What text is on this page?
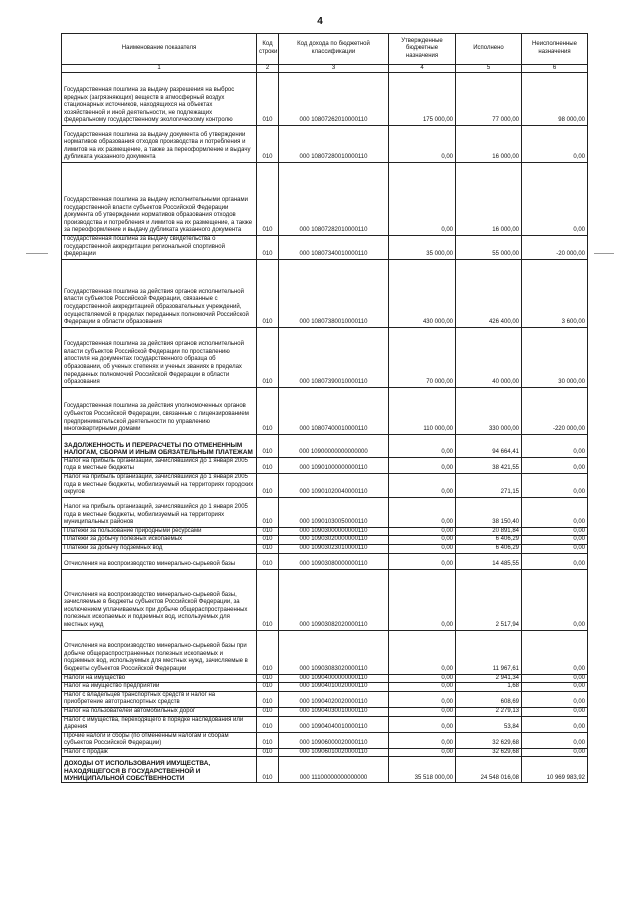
4
Наименование показателя	Код строки	Код дохода по бюджетной классификации	Утвержденные бюджетные назначения	Исполнено	Неисполненные назначения
1	2	3	4	5	6
Государственная пошлина за выдачу разрешения на выброс вредных (загрязняющих) веществ в атмосферный воздух стационарных источников, находящихся на объектах хозяйственной и иной деятельности, не подлежащих федеральному государственному экологическому контролю	010	000 10807262010000110	175 000,00	77 000,00	98 000,00
Государственная пошлина за выдачу документа об утверждении нормативов образования отходов производства и потребления и лимитов на их размещение, а также за переоформление и выдачу дубликата указанного документа	010	000 10807280010000110	0,00	16 000,00	0,00
Государственная пошлина за выдачу исполнительными органами государственной власти субъектов Российской Федерации документа об утверждении нормативов образования отходов производства и потребления и лимитов на их размещение, а также за переоформление и выдачу дубликата указанного документа	010	000 10807282010000110	0,00	16 000,00	0,00
Государственная пошлина за выдачу свидетельства о государственной аккредитации региональной спортивной федерации	010	000 10807340010000110	35 000,00	55 000,00	-20 000,00
Государственная пошлина за действия органов исполнительной власти субъектов Российской Федерации, связанные с государственной аккредитацией образовательных учреждений, осуществляемой в пределах переданных полномочий Российской Федерации в области образования	010	000 10807380010000110	430 000,00	426 400,00	3 600,00
Государственная пошлина за действия органов исполнительной власти субъектов Российской Федерации по проставлению апостиля на документах государственного образца об образовании, об ученых степенях и ученых званиях в пределах переданных полномочий Российской Федерации в области образования	010	000 10807390010000110	70 000,00	40 000,00	30 000,00
Государственная пошлина за действия уполномоченных органов субъектов Российской Федерации, связанные с лицензированием предпринимательской деятельности по управлению многоквартирными домами	010	000 10807400010000110	110 000,00	330 000,00	-220 000,00
ЗАДОЛЖЕННОСТЬ И ПЕРЕРАСЧЕТЫ ПО ОТМЕНЕННЫМ НАЛОГАМ, СБОРАМ И ИНЫМ ОБЯЗАТЕЛЬНЫМ ПЛАТЕЖАМ	010	000 10900000000000000	0,00	94 664,41	0,00
Налог на прибыль организаций, зачислявшийся до 1 января 2005 года в местные бюджеты	010	000 10901000000000110	0,00	38 421,55	0,00
Налог на прибыль организаций, зачислявшийся до 1 января 2005 года в местные бюджеты, мобилизуемый на территориях городских округов	010	000 10901020040000110	0,00	271,15	0,00
Налог на прибыль организаций, зачислявшийся до 1 января 2005 года в местные бюджеты, мобилизуемый на территориях муниципальных районов	010	000 10901030050000110	0,00	38 150,40	0,00
Платежи за пользование природными ресурсами	010	000 10903000000000110	0,00	20 891,84	0,00
Платежи за добычу полезных ископаемых	010	000 10903020000000110	0,00	6 406,29	0,00
Платежи за добычу подземных вод	010	000 10903023010000110	0,00	6 406,29	0,00
Отчисления на воспроизводство минерально-сырьевой базы	010	000 10903080000000110	0,00	14 485,55	0,00
Отчисления на воспроизводство минерально-сырьевой базы, зачисляемые в бюджеты субъектов Российской Федерации, за исключением уплачиваемых при добыче общераспространенных полезных ископаемых и подземных вод, используемых для местных нужд	010	000 10903082020000110	0,00	2 517,94	0,00
Отчисления на воспроизводство минерально-сырьевой базы при добыче общераспространенных полезных ископаемых и подземных вод, используемых для местных нужд, зачисляемые в бюджеты субъектов Российской Федерации	010	000 10903083020000110	0,00	11 967,61	0,00
Налоги на имущество	010	000 10904000000000110	0,00	2 941,34	0,00
Налог на имущество предприятий	010	000 10904010020000110	0,00	1,68	0,00
Налог с владельцев транспортных средств и налог на приобретение автотранспортных средств	010	000 10904020020000110	0,00	608,69	0,00
Налог на пользователей автомобильных дорог	010	000 10904030010000110	0,00	2 279,13	0,00
Налог с имущества, переходящего в порядке наследования или дарения	010	000 10904040010000110	0,00	53,84	0,00
Прочие налоги и сборы (по отмененным налогам и сборам субъектов Российской Федерации)	010	000 10906000020000110	0,00	32 629,68	0,00
Налог с продаж	010	000 10906010020000110	0,00	32 629,68	0,00
ДОХОДЫ ОТ ИСПОЛЬЗОВАНИЯ ИМУЩЕСТВА, НАХОДЯЩЕГОСЯ В ГОСУДАРСТВЕННОЙ И МУНИЦИПАЛЬНОЙ СОБСТВЕННОСТИ	010	000 11100000000000000	35 518 000,00	24 548 016,08	10 969 983,92
